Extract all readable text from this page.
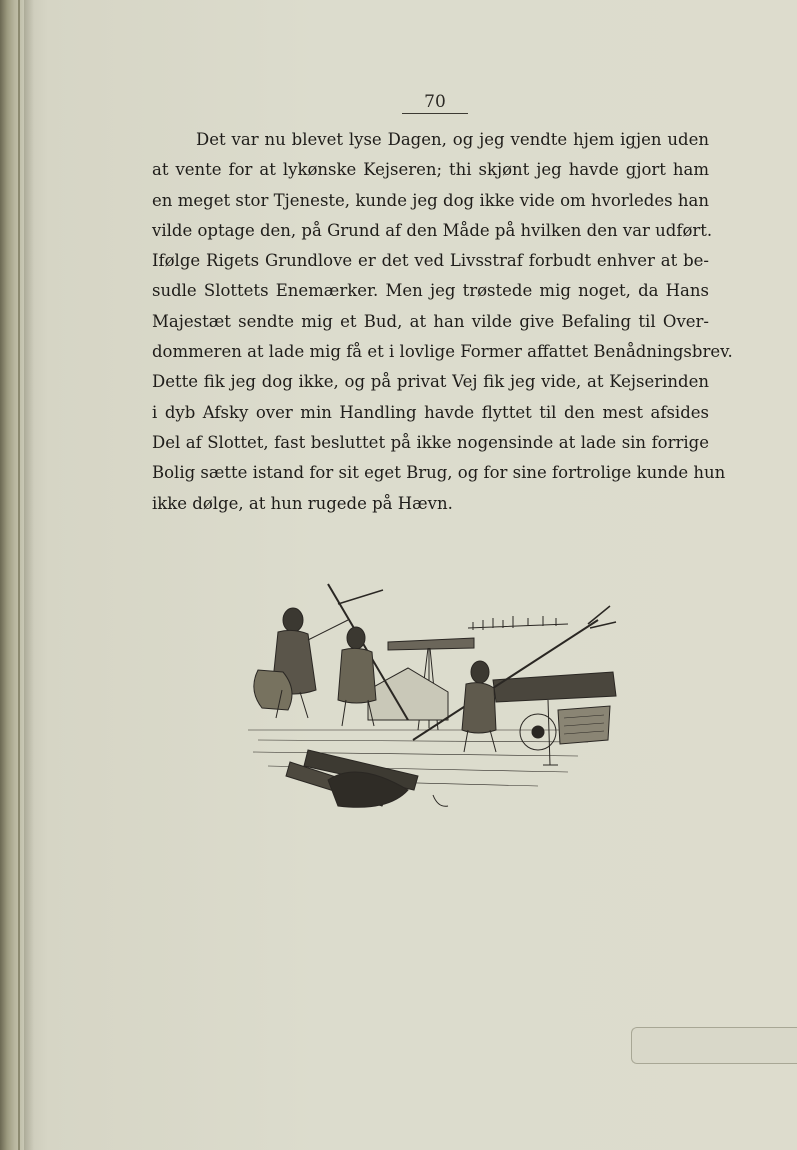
70

Det var nu blevet lyse Dagen, og jeg vendte hjem igjen uden
at vente for at lykønske Kejseren; thi skjønt jeg havde gjort ham
en meget stor Tjeneste, kunde jeg dog ikke vide om hvorledes han
vilde optage den, på Grund af den Måde på hvilken den var udført.
Ifølge Rigets Grundlove er det ved Livsstraf forbudt enhver at be-
sudle Slottets Enemærker. Men jeg trøstede mig noget, da Hans
Majestæt sendte mig et Bud, at han vilde give Befaling til Over-
dommeren at lade mig få et i lovlige Former affattet Benådningsbrev.
Dette fik jeg dog ikke, og på privat Vej fik jeg vide, at Kejserinden
i dyb Afsky over min Handling havde flyttet til den mest afsides
Del af Slottet, fast besluttet på ikke nogensinde at lade sin forrige
Bolig sætte istand for sit eget Brug, og for sine fortrolige kunde hun
ikke dølge, at hun rugede på Hævn.
